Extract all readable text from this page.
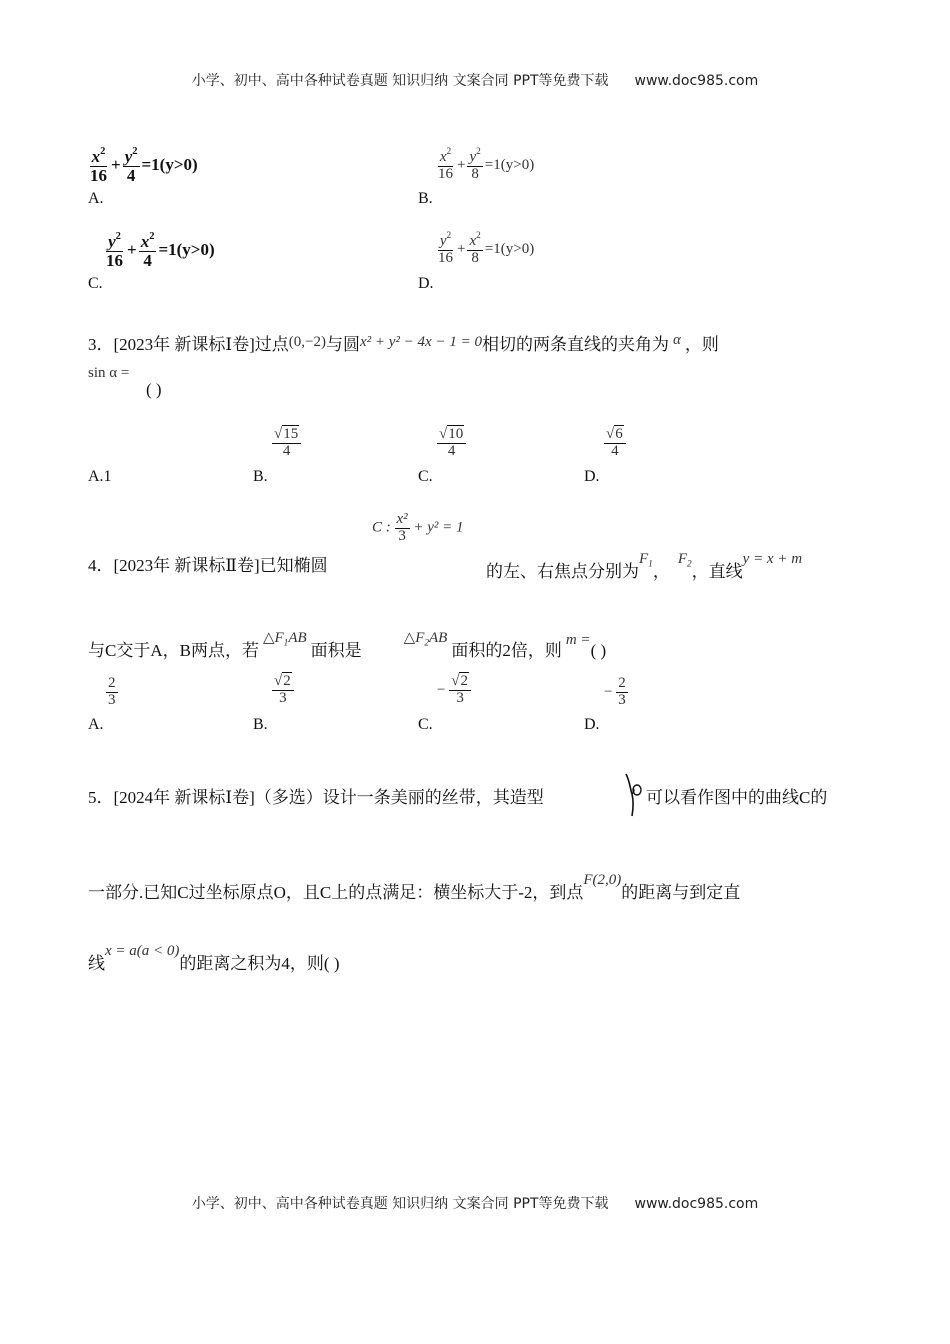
小学、初中、高中各种试卷真题 知识归纳 文案合同 PPT等免费下载 www.doc985.com
$\frac{x^2}{16} + \frac{y^2}{4} =1(y>0)$
A.
$\frac{x^2}{16} + \frac{y^2}{8} =1(y>0)$
B.
$\frac{y^2}{16} + \frac{x^2}{4} =1(y>0)$
C.
$\frac{y^2}{16} + \frac{x^2}{8} =1(y>0)$
D.
3．[2023年 新课标Ⅰ卷]过点(0,−2)与圆x² + y² − 4x − 1 = 0相切的两条直线的夹角为 α ，则
sin α =
( )
A.1	B.
$\frac{√15}{4}$
C.
$\frac{√10}{4}$
D.
$\frac{√6}{4}$
C : $\frac{\text{x²}}{3} + y^2 = 1$
4．[2023年 新课标Ⅱ卷]已知椭圆	的左、右焦点分别为$F_1$，$F_2$，直线y = x + m
与C交于A，B两点，若$\triangle F_1AB$面积是$\triangle F_2AB$面积的2倍，则m =( )
A.
$\frac{2}{3}$
B.
$\frac{√2}{3}$
C.
− $\frac{√2}{3}$
D.
− $\frac{2}{3}$
5．[2024年 新课标Ⅰ卷]（多选）设计一条美丽的丝带，其造型	可以看作图中的曲线C的
一部分.已知C过坐标原点O，且C上的点满足：横坐标大于-2，到点F(2,0)的距离与到定直
线x = a(a < 0)的距离之积为4，则( )
小学、初中、高中各种试卷真题 知识归纳 文案合同 PPT等免费下载 www.doc985.com
